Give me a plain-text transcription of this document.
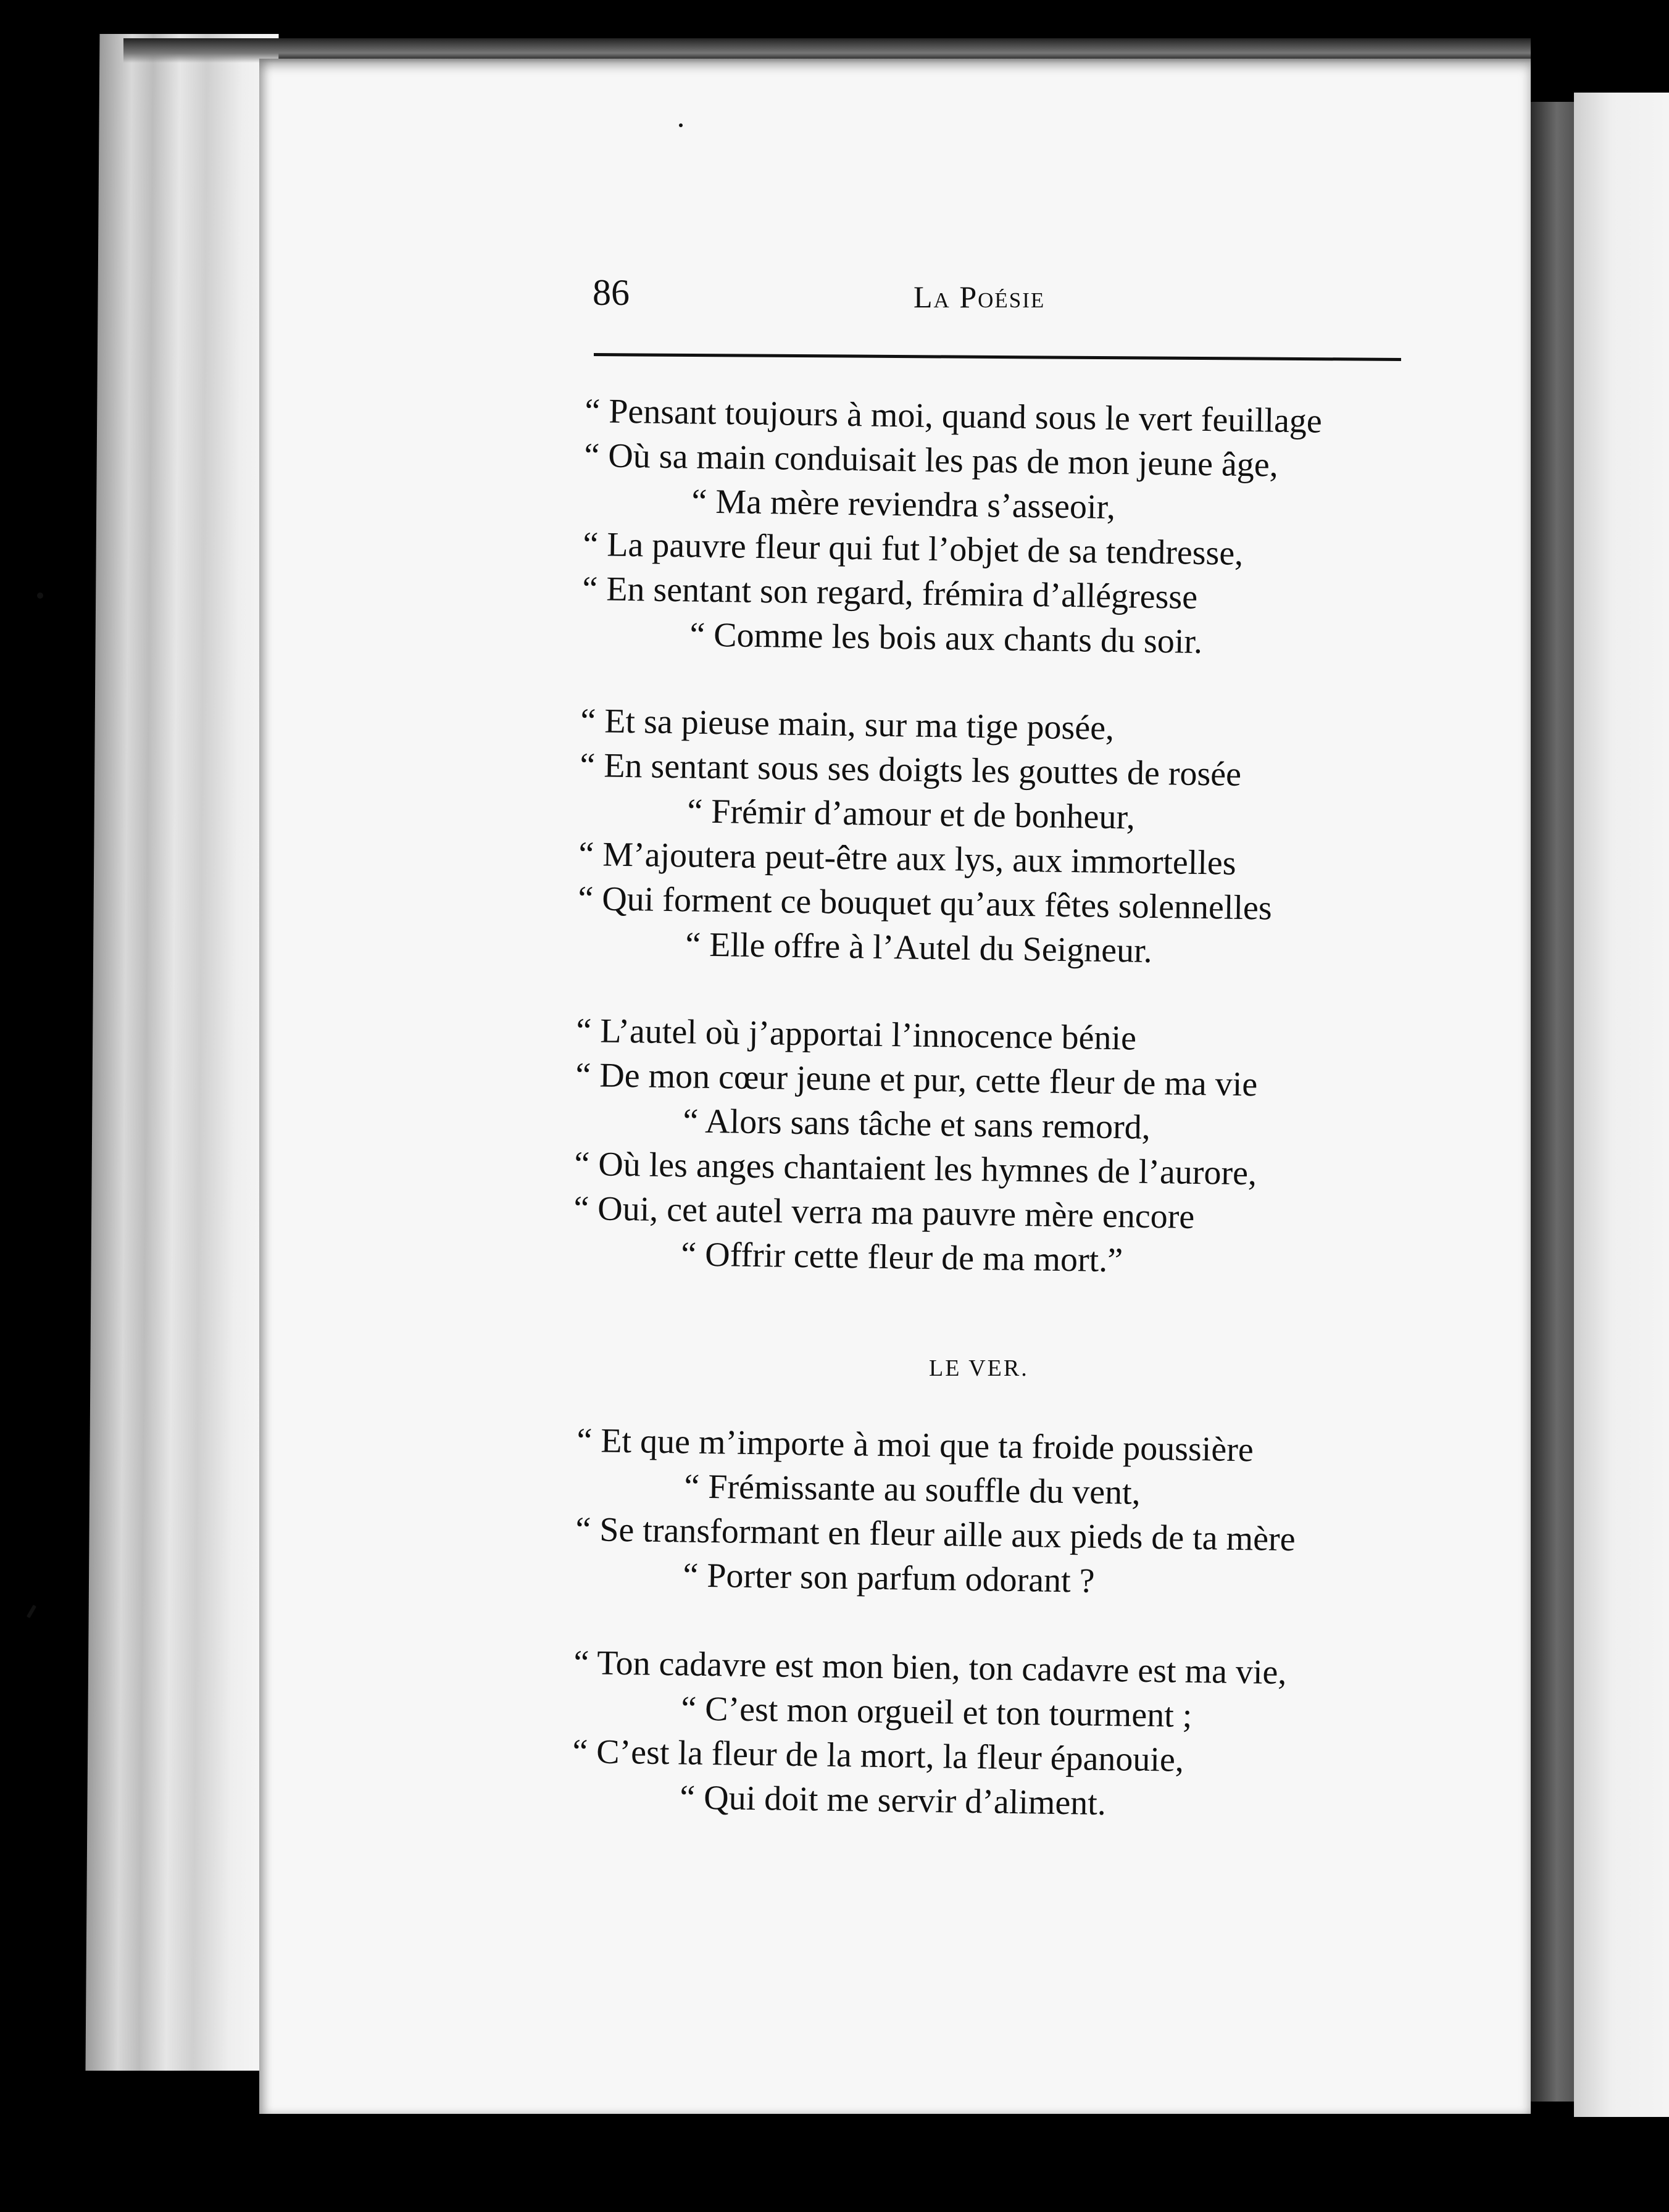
86	La Poésie
“ Pensant toujours à moi, quand sous le vert feuillage
“ Où sa main conduisait les pas de mon jeune âge,
“ Ma mère reviendra s’asseoir,
“ La pauvre fleur qui fut l’objet de sa tendresse,
“ En sentant son regard, frémira d’allégresse
“ Comme les bois aux chants du soir.
“ Et sa pieuse main, sur ma tige posée,
“ En sentant sous ses doigts les gouttes de rosée
“ Frémir d’amour et de bonheur,
“ M’ajoutera peut-être aux lys, aux immortelles
“ Qui forment ce bouquet qu’aux fêtes solennelles
“ Elle offre à l’Autel du Seigneur.
“ L’autel où j’apportai l’innocence bénie
“ De mon cœur jeune et pur, cette fleur de ma vie
“ Alors sans tâche et sans remord,
“ Où les anges chantaient les hymnes de l’aurore,
“ Oui, cet autel verra ma pauvre mère encore
“ Offrir cette fleur de ma mort.”
LE VER.
“ Et que m’importe à moi que ta froide poussière
“ Frémissante au souffle du vent,
“ Se transformant en fleur aille aux pieds de ta mère
“ Porter son parfum odorant ?
“ Ton cadavre est mon bien, ton cadavre est ma vie,
“ C’est mon orgueil et ton tourment ;
“ C’est la fleur de la mort, la fleur épanouie,
“ Qui doit me servir d’aliment.
